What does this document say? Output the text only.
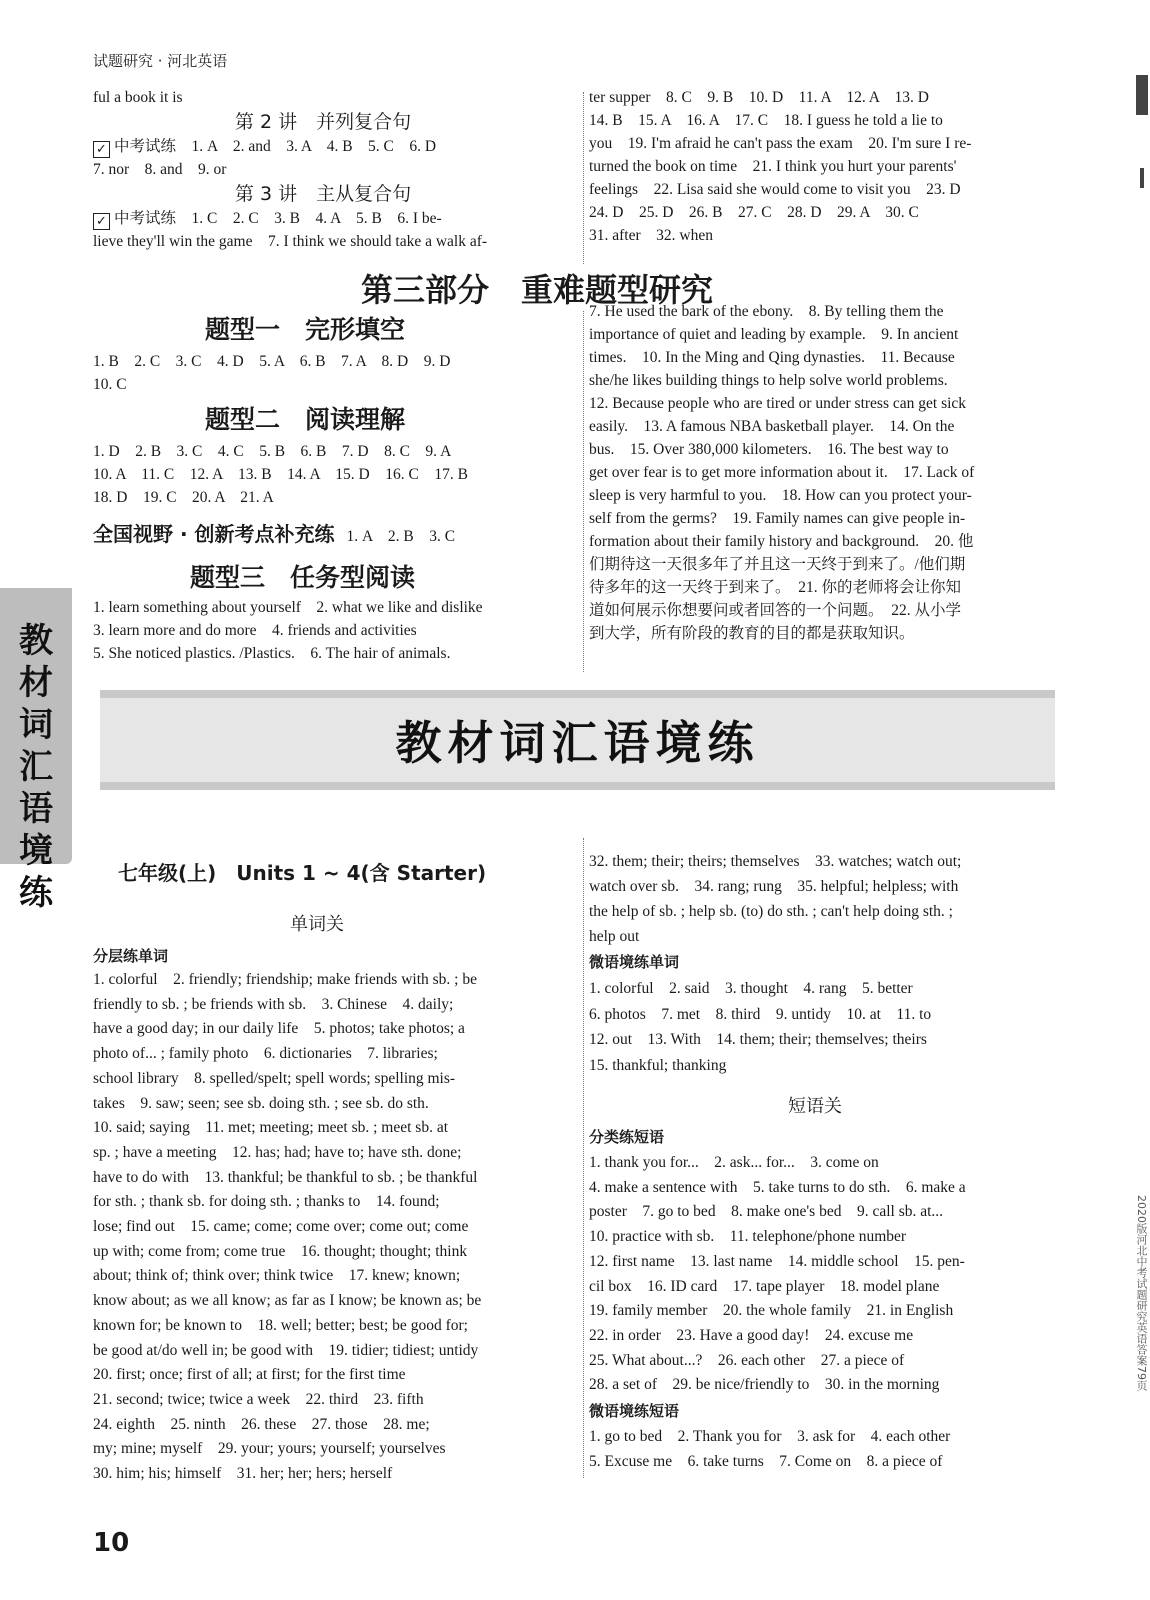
试题研究 · 河北英语
2020版河北中考试题研究英语答案79页
ful a book it is
第 2 讲　并列复合句
✓ 中考试练　1. A　2. and　3. A　4. B　5. C　6. D
7. nor　8. and　9. or
第 3 讲　主从复合句
✓ 中考试练　1. C　2. C　3. B　4. A　5. B　6. I be-
lieve they'll win the game　7. I think we should take a walk af-
ter supper　8. C　9. B　10. D　11. A　12. A　13. D
14. B　15. A　16. A　17. C　18. I guess he told a lie to
you　19. I'm afraid he can't pass the exam　20. I'm sure I re-
turned the book on time　21. I think you hurt your parents'
feelings　22. Lisa said she would come to visit you　23. D
24. D　25. D　26. B　27. C　28. D　29. A　30. C
31. after　32. when
第三部分　重难题型研究
题型一　完形填空
1. B　2. C　3. C　4. D　5. A　6. B　7. A　8. D　9. D
10. C
题型二　阅读理解
1. D　2. B　3. C　4. C　5. B　6. B　7. D　8. C　9. A
10. A　11. C　12. A　13. B　14. A　15. D　16. C　17. B
18. D　19. C　20. A　21. A
全国视野 · 创新考点补充练 1. A　2. B　3. C
题型三　任务型阅读
1. learn something about yourself　2. what we like and dislike
3. learn more and do more　4. friends and activities
5. She noticed plastics. /Plastics.　6. The hair of animals.
7. He used the bark of the ebony.　8. By telling them the
importance of quiet and leading by example.　9. In ancient
times.　10. In the Ming and Qing dynasties.　11. Because
she/he likes building things to help solve world problems.
12. Because people who are tired or under stress can get sick
easily.　13. A famous NBA basketball player.　14. On the
bus.　15. Over 380,000 kilometers.　16. The best way to
get over fear is to get more information about it.　17. Lack of
sleep is very harmful to you.　18. How can you protect your-
self from the germs?　19. Family names can give people in-
formation about their family history and background.　20. 他
们期待这一天很多年了并且这一天终于到来了。/他们期
待多年的这一天终于到来了。　21. 你的老师将会让你知
道如何展示你想要问或者回答的一个问题。　22. 从小学
到大学，所有阶段的教育的目的都是获取知识。
教材词汇语境练
教材词汇语境练
七年级(上)　Units 1 ~ 4(含 Starter)
单词关
分层练单词
1. colorful　2. friendly; friendship; make friends with sb. ; be
friendly to sb. ; be friends with sb.　3. Chinese　4. daily;
have a good day; in our daily life　5. photos; take photos; a
photo of... ; family photo　6. dictionaries　7. libraries;
school library　8. spelled/spelt; spell words; spelling mis-
takes　9. saw; seen; see sb. doing sth. ; see sb. do sth.
10. said; saying　11. met; meeting; meet sb. ; meet sb. at
sp. ; have a meeting　12. has; had; have to; have sth. done;
have to do with　13. thankful; be thankful to sb. ; be thankful
for sth. ; thank sb. for doing sth. ; thanks to　14. found;
lose; find out　15. came; come; come over; come out; come
up with; come from; come true　16. thought; thought; think
about; think of; think over; think twice　17. knew; known;
know about; as we all know; as far as I know; be known as; be
known for; be known to　18. well; better; best; be good for;
be good at/do well in; be good with　19. tidier; tidiest; untidy
20. first; once; first of all; at first; for the first time
21. second; twice; twice a week　22. third　23. fifth
24. eighth　25. ninth　26. these　27. those　28. me;
my; mine; myself　29. your; yours; yourself; yourselves
30. him; his; himself　31. her; her; hers; herself
32. them; their; theirs; themselves　33. watches; watch out;
watch over sb.　34. rang; rung　35. helpful; helpless; with
the help of sb. ; help sb. (to) do sth. ; can't help doing sth. ;
help out
微语境练单词
1. colorful　2. said　3. thought　4. rang　5. better
6. photos　7. met　8. third　9. untidy　10. at　11. to
12. out　13. With　14. them; their; themselves; theirs
15. thankful; thanking
短语关
分类练短语
1. thank you for...　2. ask... for...　3. come on
4. make a sentence with　5. take turns to do sth.　6. make a
poster　7. go to bed　8. make one's bed　9. call sb. at...
10. practice with sb.　11. telephone/phone number
12. first name　13. last name　14. middle school　15. pen-
cil box　16. ID card　17. tape player　18. model plane
19. family member　20. the whole family　21. in English
22. in order　23. Have a good day!　24. excuse me
25. What about...?　26. each other　27. a piece of
28. a set of　29. be nice/friendly to　30. in the morning
微语境练短语
1. go to bed　2. Thank you for　3. ask for　4. each other
5. Excuse me　6. take turns　7. Come on　8. a piece of
10
